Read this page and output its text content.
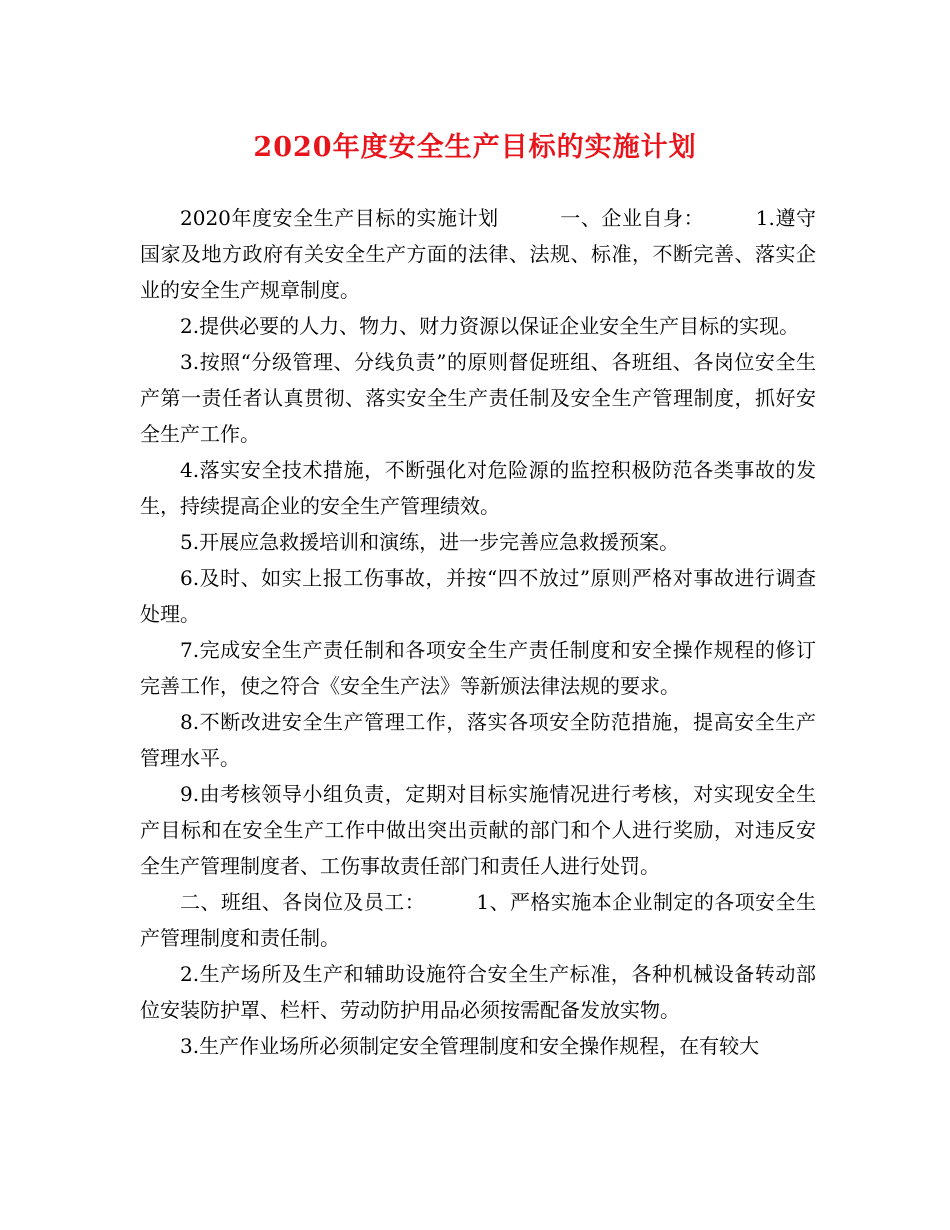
2020年度安全生产目标的实施计划

2020年度安全生产目标的实施计划　　　一、企业自身：　　　1.遵守国家及地方政府有关安全生产方面的法律、法规、标准，不断完善、落实企业的安全生产规章制度。

2.提供必要的人力、物力、财力资源以保证企业安全生产目标的实现。

3.按照“分级管理、分线负责”的原则督促班组、各班组、各岗位安全生产第一责任者认真贯彻、落实安全生产责任制及安全生产管理制度，抓好安全生产工作。

4.落实安全技术措施，不断强化对危险源的监控积极防范各类事故的发生，持续提高企业的安全生产管理绩效。

5.开展应急救援培训和演练，进一步完善应急救援预案。

6.及时、如实上报工伤事故，并按“四不放过”原则严格对事故进行调查处理。

7.完成安全生产责任制和各项安全生产责任制度和安全操作规程的修订完善工作，使之符合《安全生产法》等新颁法律法规的要求。

8.不断改进安全生产管理工作，落实各项安全防范措施，提高安全生产管理水平。

9.由考核领导小组负责，定期对目标实施情况进行考核，对实现安全生产目标和在安全生产工作中做出突出贡献的部门和个人进行奖励，对违反安全生产管理制度者、工伤事故责任部门和责任人进行处罚。

二、班组、各岗位及员工：　　　1、严格实施本企业制定的各项安全生产管理制度和责任制。

2.生产场所及生产和辅助设施符合安全生产标准，各种机械设备转动部位安装防护罩、栏杆、劳动防护用品必须按需配备发放实物。

3.生产作业场所必须制定安全管理制度和安全操作规程，在有较大
